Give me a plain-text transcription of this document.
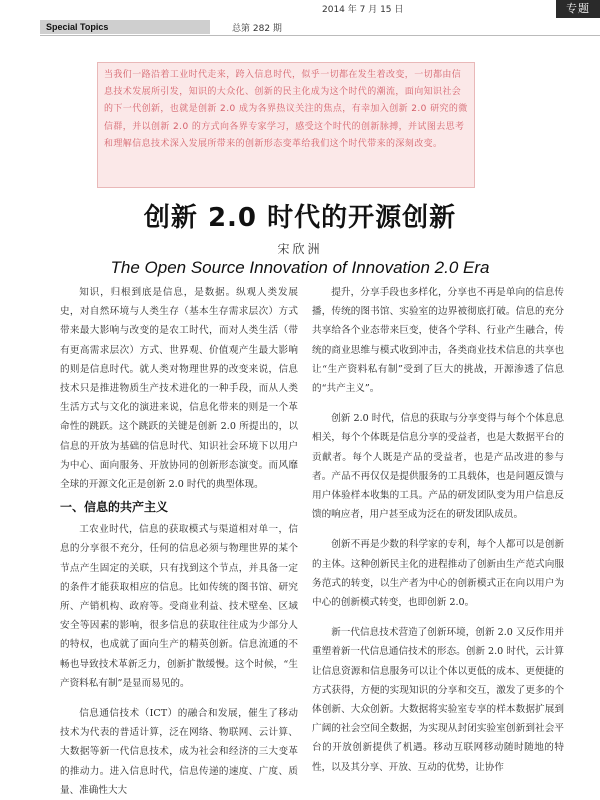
2014 年 7 月 15 日	专题
Special Topics	总第 282 期
当我们一路沿着工业时代走来，跨入信息时代，似乎一切都在发生着改变，一切都由信息技术发展所引发，知识的大众化、创新的民主化成为这个时代的潮流，面向知识社会的下一代创新，也就是创新 2.0 成为各界热议关注的焦点，有幸加入创新 2.0 研究的微信群，并以创新 2.0 的方式向各界专家学习，感受这个时代的创新脉搏，并试图去思考和理解信息技术深入发展所带来的创新形态变革给我们这个时代带来的深刻改变。
创新 2.0 时代的开源创新
宋欣洲
The Open Source Innovation of Innovation 2.0 Era

知识，归根到底是信息，是数据。纵观人类发展史，对自然环境与人类生存（基本生存需求层次）方式带来最大影响与改变的是农工时代，而对人类生活（带有更高需求层次）方式、世界观、价值观产生最大影响的则是信息时代。就人类对物理世界的改变来说，信息技术只是推进物质生产技术进化的一种手段，而从人类生活方式与文化的演进来说，信息化带来的则是一个革命性的跳跃。这个跳跃的关键是创新 2.0 所提出的，以信息的开放为基础的信息时代、知识社会环境下以用户为中心、面向服务、开放协同的创新形态演变。而风靡全球的开源文化正是创新 2.0 时代的典型体现。

一、信息的共产主义

工农业时代，信息的获取模式与渠道相对单一，信息的分享很不充分，任何的信息必须与物理世界的某个节点产生固定的关联，只有找到这个节点，并具备一定的条件才能获取相应的信息。比如传统的图书馆、研究所、产销机构、政府等。受商业利益、技术壁垒、区域安全等因素的影响，很多信息的获取往往成为少部分人的特权，也成就了面向生产的精英创新。信息流通的不畅也导致技术革新乏力，创新扩散缓慢。这个时候，“生产资料私有制”是显而易见的。

信息通信技术（ICT）的融合和发展，催生了移动技术为代表的普适计算，泛在网络、物联网、云计算、大数据等新一代信息技术，成为社会和经济的三大变革的推动力。进入信息时代，信息传递的速度、广度、质量、准确性大大

提升，分享手段也多样化，分享也不再是单向的信息传播，传统的图书馆、实验室的边界被彻底打破。信息的充分共享给各个业态带来巨变，使各个学科、行业产生融合，传统的商业思维与模式收到冲击，各类商业技术信息的共享也让“生产资料私有制”受到了巨大的挑战，开源渗透了信息的“共产主义”。

创新 2.0 时代，信息的获取与分享变得与每个个体息息相关，每个个体既是信息分享的受益者，也是大数据平台的贡献者。每个人既是产品的受益者，也是产品改进的参与者。产品不再仅仅是提供服务的工具载体，也是问题反馈与用户体验样本收集的工具。产品的研发团队变为用户信息反馈的响应者，用户甚至成为泛在的研发团队成员。

创新不再是少数的科学家的专利，每个人都可以是创新的主体。这种创新民主化的进程推动了创新由生产范式向服务范式的转变，以生产者为中心的创新模式正在向以用户为中心的创新模式转变，也即创新 2.0。

新一代信息技术营造了创新环境，创新 2.0 又反作用并重塑着新一代信息通信技术的形态。创新 2.0 时代，云计算让信息资源和信息服务可以让个体以更低的成本、更便捷的方式获得，方便的实现知识的分享和交互，激发了更多的个体创新、大众创新。大数据将实验室专享的样本数据扩展到广阔的社会空间全数据，为实现从封闭实验室创新到社会平台的开放创新提供了机遇。移动互联网移动随时随地的特性，以及其分享、开放、互动的优势，让协作
